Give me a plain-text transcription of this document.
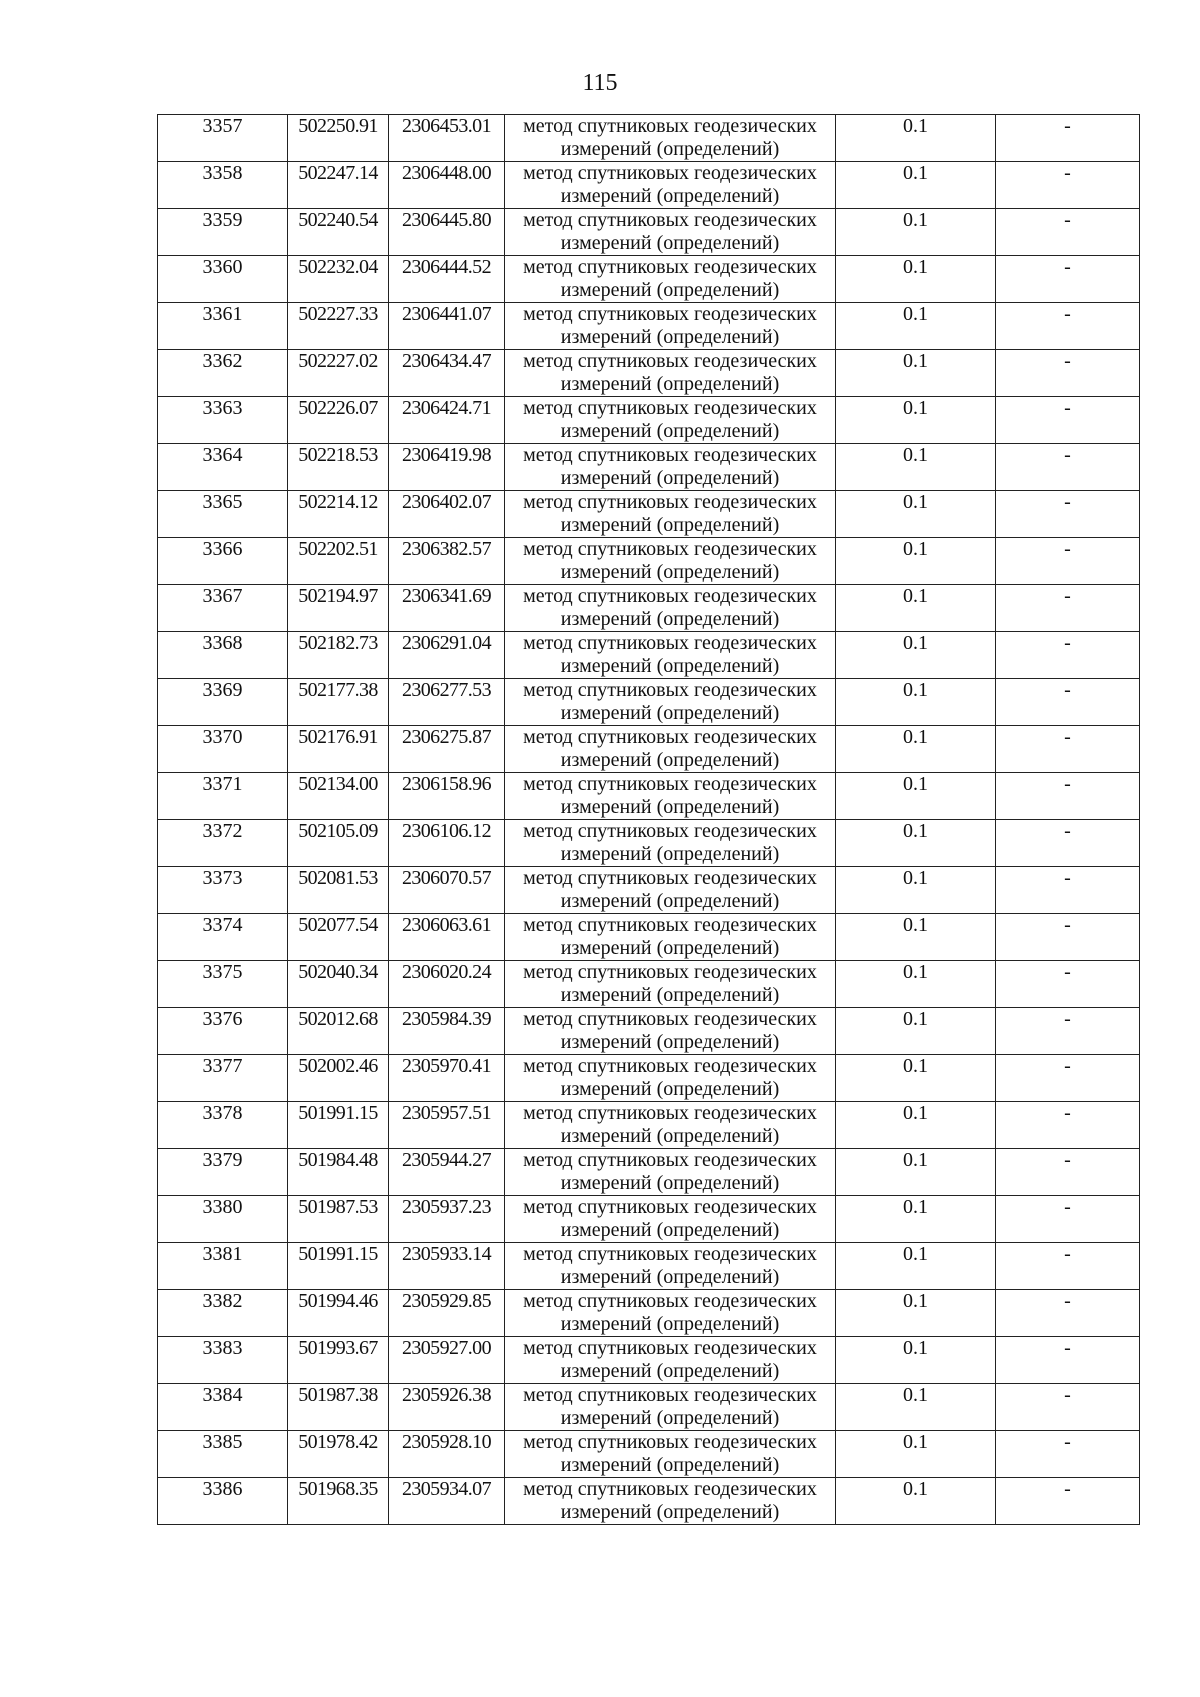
115
3357	502250.91	2306453.01	метод спутниковых геодезических
измерений (определений)	0.1	-
3358	502247.14	2306448.00	метод спутниковых геодезических
измерений (определений)	0.1	-
3359	502240.54	2306445.80	метод спутниковых геодезических
измерений (определений)	0.1	-
3360	502232.04	2306444.52	метод спутниковых геодезических
измерений (определений)	0.1	-
3361	502227.33	2306441.07	метод спутниковых геодезических
измерений (определений)	0.1	-
3362	502227.02	2306434.47	метод спутниковых геодезических
измерений (определений)	0.1	-
3363	502226.07	2306424.71	метод спутниковых геодезических
измерений (определений)	0.1	-
3364	502218.53	2306419.98	метод спутниковых геодезических
измерений (определений)	0.1	-
3365	502214.12	2306402.07	метод спутниковых геодезических
измерений (определений)	0.1	-
3366	502202.51	2306382.57	метод спутниковых геодезических
измерений (определений)	0.1	-
3367	502194.97	2306341.69	метод спутниковых геодезических
измерений (определений)	0.1	-
3368	502182.73	2306291.04	метод спутниковых геодезических
измерений (определений)	0.1	-
3369	502177.38	2306277.53	метод спутниковых геодезических
измерений (определений)	0.1	-
3370	502176.91	2306275.87	метод спутниковых геодезических
измерений (определений)	0.1	-
3371	502134.00	2306158.96	метод спутниковых геодезических
измерений (определений)	0.1	-
3372	502105.09	2306106.12	метод спутниковых геодезических
измерений (определений)	0.1	-
3373	502081.53	2306070.57	метод спутниковых геодезических
измерений (определений)	0.1	-
3374	502077.54	2306063.61	метод спутниковых геодезических
измерений (определений)	0.1	-
3375	502040.34	2306020.24	метод спутниковых геодезических
измерений (определений)	0.1	-
3376	502012.68	2305984.39	метод спутниковых геодезических
измерений (определений)	0.1	-
3377	502002.46	2305970.41	метод спутниковых геодезических
измерений (определений)	0.1	-
3378	501991.15	2305957.51	метод спутниковых геодезических
измерений (определений)	0.1	-
3379	501984.48	2305944.27	метод спутниковых геодезических
измерений (определений)	0.1	-
3380	501987.53	2305937.23	метод спутниковых геодезических
измерений (определений)	0.1	-
3381	501991.15	2305933.14	метод спутниковых геодезических
измерений (определений)	0.1	-
3382	501994.46	2305929.85	метод спутниковых геодезических
измерений (определений)	0.1	-
3383	501993.67	2305927.00	метод спутниковых геодезических
измерений (определений)	0.1	-
3384	501987.38	2305926.38	метод спутниковых геодезических
измерений (определений)	0.1	-
3385	501978.42	2305928.10	метод спутниковых геодезических
измерений (определений)	0.1	-
3386	501968.35	2305934.07	метод спутниковых геодезических
измерений (определений)	0.1	-
